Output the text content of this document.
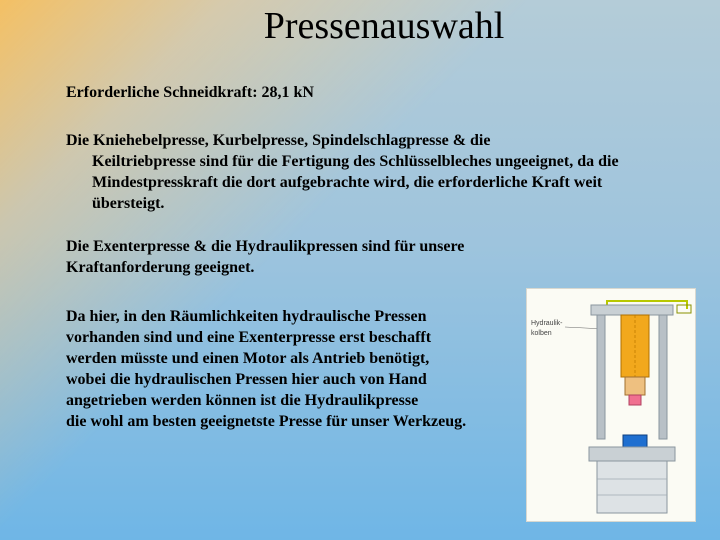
Pressenauswahl

Erforderliche Schneidkraft: 28,1 kN

Die Kniehebelpresse, Kurbelpresse, Spindelschlagpresse & die
Keiltriebpresse sind für die Fertigung des Schlüsselbleches ungeeignet, da die Mindestpresskraft die dort aufgebrachte wird, die erforderliche Kraft weit übersteigt.

Die Exenterpresse & die Hydraulikpressen sind für unsere Kraftanforderung geeignet.

Da hier, in den Räumlichkeiten hydraulische Pressen
vorhanden sind und eine Exenterpresse erst beschafft
werden müsste und einen Motor als Antrieb benötigt,
wobei die hydraulischen Pressen hier auch von Hand
angetrieben werden können ist die Hydraulikpresse
die wohl am besten geeignetste Presse für unser Werkzeug.

Hydraulik-
kolben
